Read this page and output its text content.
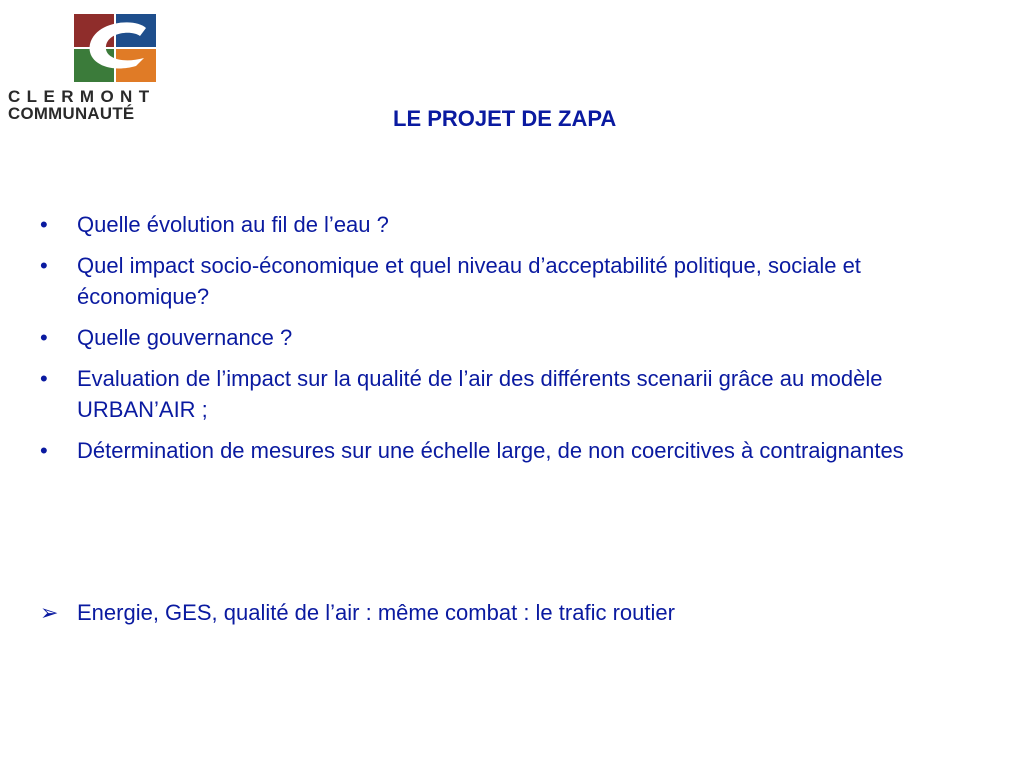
CLERMONT
COMMUNAUTÉ	LE PROJET DE ZAPA
• Quelle évolution au fil de l’eau ?
• Quel impact socio-économique et quel niveau d’acceptabilité politique, sociale et économique?
• Quelle gouvernance ?
• Evaluation de l’impact sur la qualité de l’air des différents scenarii grâce au modèle URBAN’AIR ;
• Détermination de mesures sur une échelle large, de non coercitives à contraignantes
➢ Energie, GES, qualité de l’air : même combat : le trafic routier
